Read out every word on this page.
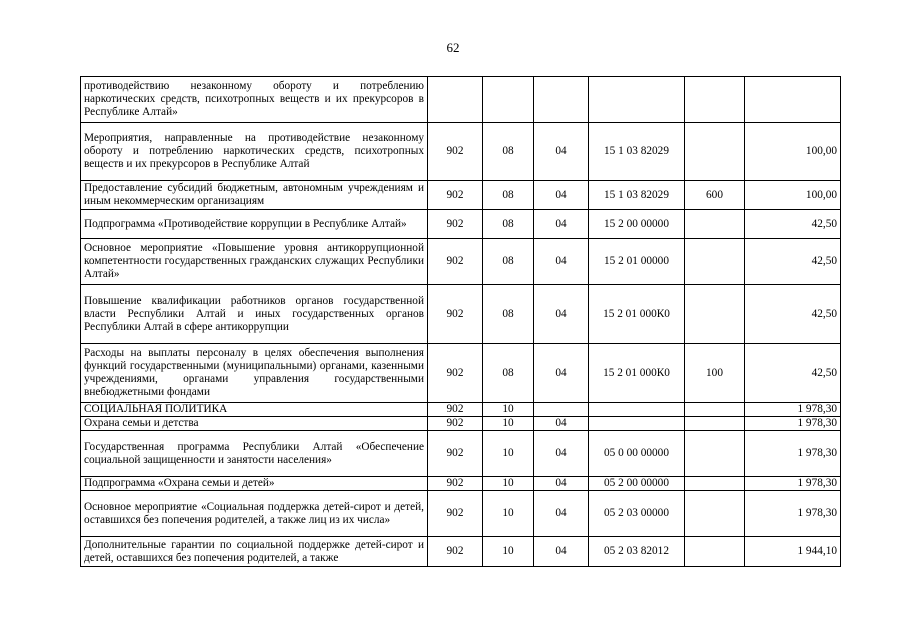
62
противодействию незаконному обороту и потреблению наркотических средств, психотропных веществ и их прекурсоров в Республике Алтай»						
Мероприятия, направленные на противодействие незаконному обороту и потреблению наркотических средств, психотропных веществ и их прекурсоров в Республике Алтай	902	08	04	15 1 03 82029		100,00
Предоставление субсидий бюджетным, автономным учреждениям и иным некоммерческим организациям	902	08	04	15 1 03 82029	600	100,00
Подпрограмма «Противодействие коррупции в Республике Алтай»	902	08	04	15 2 00 00000		42,50
Основное мероприятие «Повышение уровня антикоррупционной компетентности государственных гражданских служащих Республики Алтай»	902	08	04	15 2 01 00000		42,50
Повышение квалификации работников органов государственной власти Республики Алтай и иных государственных органов Республики Алтай в сфере антикоррупции	902	08	04	15 2 01 000К0		42,50
Расходы на выплаты персоналу в целях обеспечения выполнения функций государственными (муниципальными) органами, казенными учреждениями, органами управления государственными внебюджетными фондами	902	08	04	15 2 01 000К0	100	42,50
СОЦИАЛЬНАЯ ПОЛИТИКА	902	10				1 978,30
Охрана семьи и детства	902	10	04			1 978,30
Государственная программа Республики Алтай «Обеспечение социальной защищенности и занятости населения»	902	10	04	05 0 00 00000		1 978,30
Подпрограмма «Охрана семьи и детей»	902	10	04	05 2 00 00000		1 978,30
Основное мероприятие «Социальная поддержка детей-сирот и детей, оставшихся без попечения родителей, а также лиц из их числа»	902	10	04	05 2 03 00000		1 978,30
Дополнительные гарантии по социальной поддержке детей-сирот и детей, оставшихся без попечения родителей, а также	902	10	04	05 2 03 82012		1 944,10
